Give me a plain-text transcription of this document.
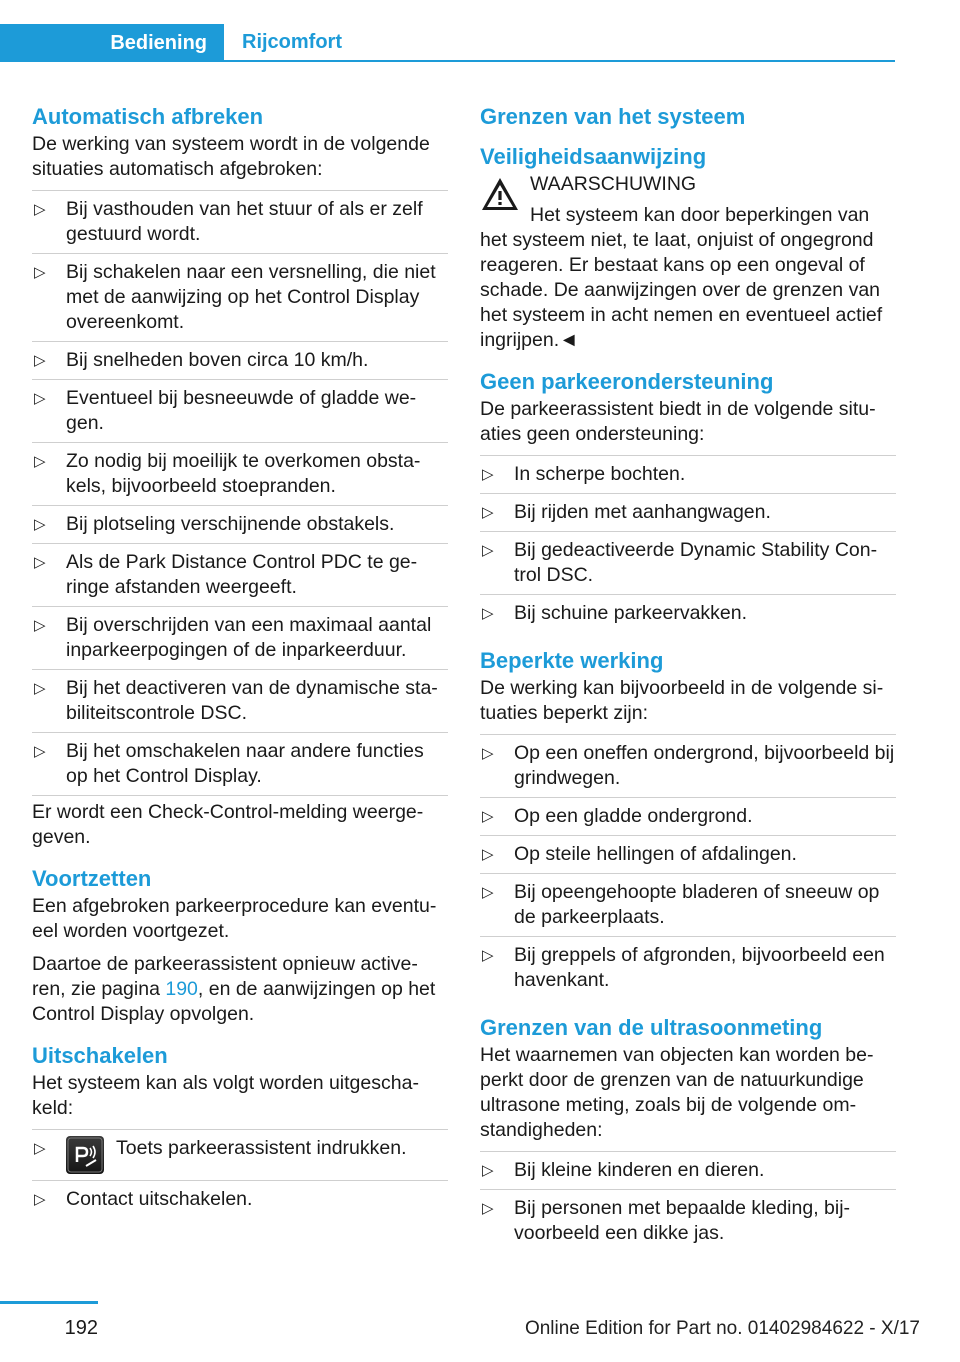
Bediening	Rijcomfort
Automatisch afbreken

De werking van systeem wordt in de volgende situaties automatisch afgebroken:

▷ Bij vasthouden van het stuur of als er zelf gestuurd wordt.
▷ Bij schakelen naar een versnelling, die niet met de aanwijzing op het Control Display overeenkomt.
▷ Bij snelheden boven circa 10 km/h.
▷ Eventueel bij besneeuwde of gladde we‐gen.
▷ Zo nodig bij moeilijk te overkomen obsta‐kels, bijvoorbeeld stoepranden.
▷ Bij plotseling verschijnende obstakels.
▷ Als de Park Distance Control PDC te ge‐ringe afstanden weergeeft.
▷ Bij overschrijden van een maximaal aantal inparkeerpogingen of de inparkeerduur.
▷ Bij het deactiveren van de dynamische sta‐biliteitscontrole DSC.
▷ Bij het omschakelen naar andere functies op het Control Display.

Er wordt een Check-Control-melding weerge‐geven.

Voortzetten

Een afgebroken parkeerprocedure kan eventu‐eel worden voortgezet.

Daartoe de parkeerassistent opnieuw active‐ren, zie pagina 190, en de aanwijzingen op het Control Display opvolgen.

Uitschakelen

Het systeem kan als volgt worden uitgescha‐keld:

▷	Toets parkeerassistent indrukken.
▷ Contact uitschakelen.
Grenzen van het systeem
Veiligheidsaanwijzing
WAARSCHUWING

Het systeem kan door beperkingen van het systeem niet, te laat, onjuist of ongegrond reageren. Er bestaat kans op een ongeval of schade. De aanwijzingen over de grenzen van het systeem in acht nemen en eventueel actief ingrijpen.◄

Geen parkeerondersteuning

De parkeerassistent biedt in de volgende situ‐aties geen ondersteuning:

▷ In scherpe bochten.
▷ Bij rijden met aanhangwagen.
▷ Bij gedeactiveerde Dynamic Stability Con‐trol DSC.
▷ Bij schuine parkeervakken.
Beperkte werking

De werking kan bijvoorbeeld in de volgende si‐tuaties beperkt zijn:

▷ Op een oneffen ondergrond, bijvoorbeeld bij grindwegen.
▷ Op een gladde ondergrond.
▷ Op steile hellingen of afdalingen.
▷ Bij opeengehoopte bladeren of sneeuw op de parkeerplaats.
▷ Bij greppels of afgronden, bijvoorbeeld een havenkant.
Grenzen van de ultrasoonmeting

Het waarnemen van objecten kan worden be‐perkt door de grenzen van de natuurkundige ultrasone meting, zoals bij de volgende om‐standigheden:

▷ Bij kleine kinderen en dieren.
▷ Bij personen met bepaalde kleding, bij‐voorbeeld een dikke jas.
192	Online Edition for Part no. 01402984622 - X/17
